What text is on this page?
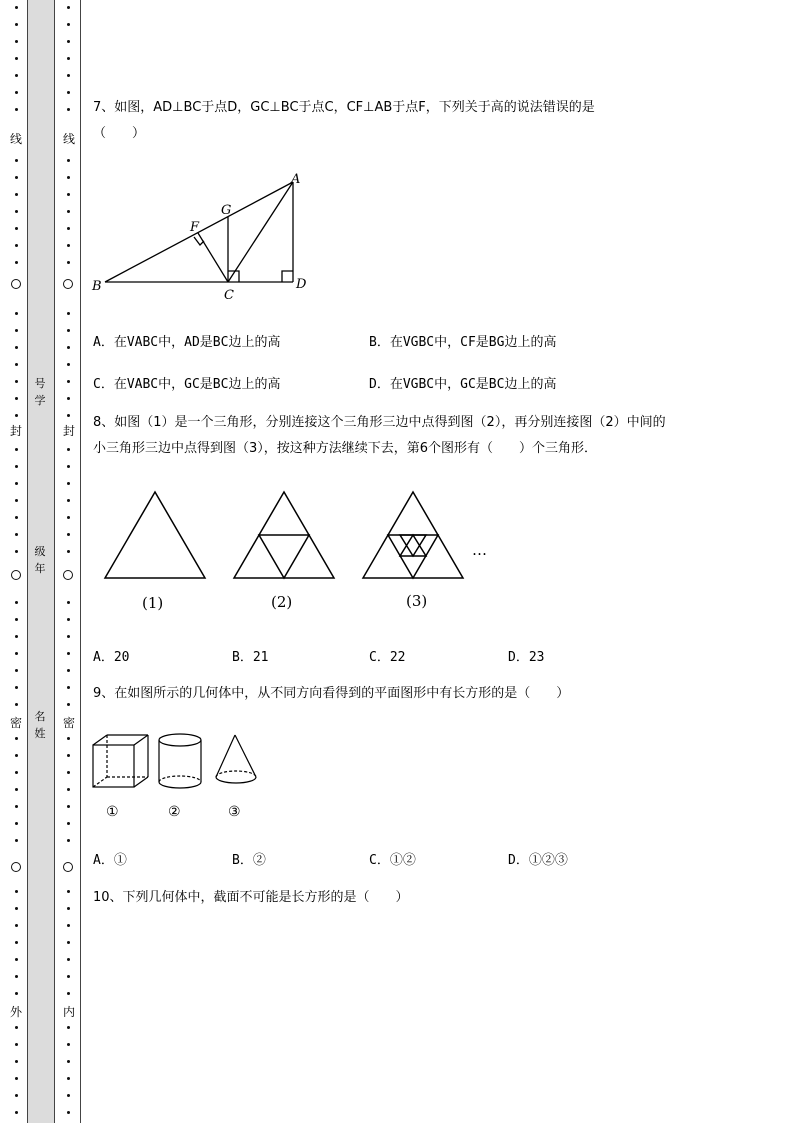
线
封
密
外
线
封
密
内
号
学
级
年
名
姓
7、如图，AD⊥BC于点D，GC⊥BC于点C，CF⊥AB于点F，下列关于高的说法错误的是
（　　）
A
B
C
D
F
G
A．在VABC中，AD是BC边上的高	B．在VGBC中，CF是BG边上的高
C．在VABC中，GC是BC边上的高	D．在VGBC中，GC是BC边上的高
8、如图（1）是一个三角形，分别连接这个三角形三边中点得到图（2），再分别连接图（2）中间的
小三角形三边中点得到图（3），按这种方法继续下去，第6个图形有（　　）个三角形．
(1)	(2)	(3)
…
A．20	B．21	C．22	D．23
9、在如图所示的几何体中，从不同方向看得到的平面图形中有长方形的是（　　）
①	②	③
A．①	B．②	C．①②	D．①②③
10、下列几何体中，截面不可能是长方形的是（　　）
